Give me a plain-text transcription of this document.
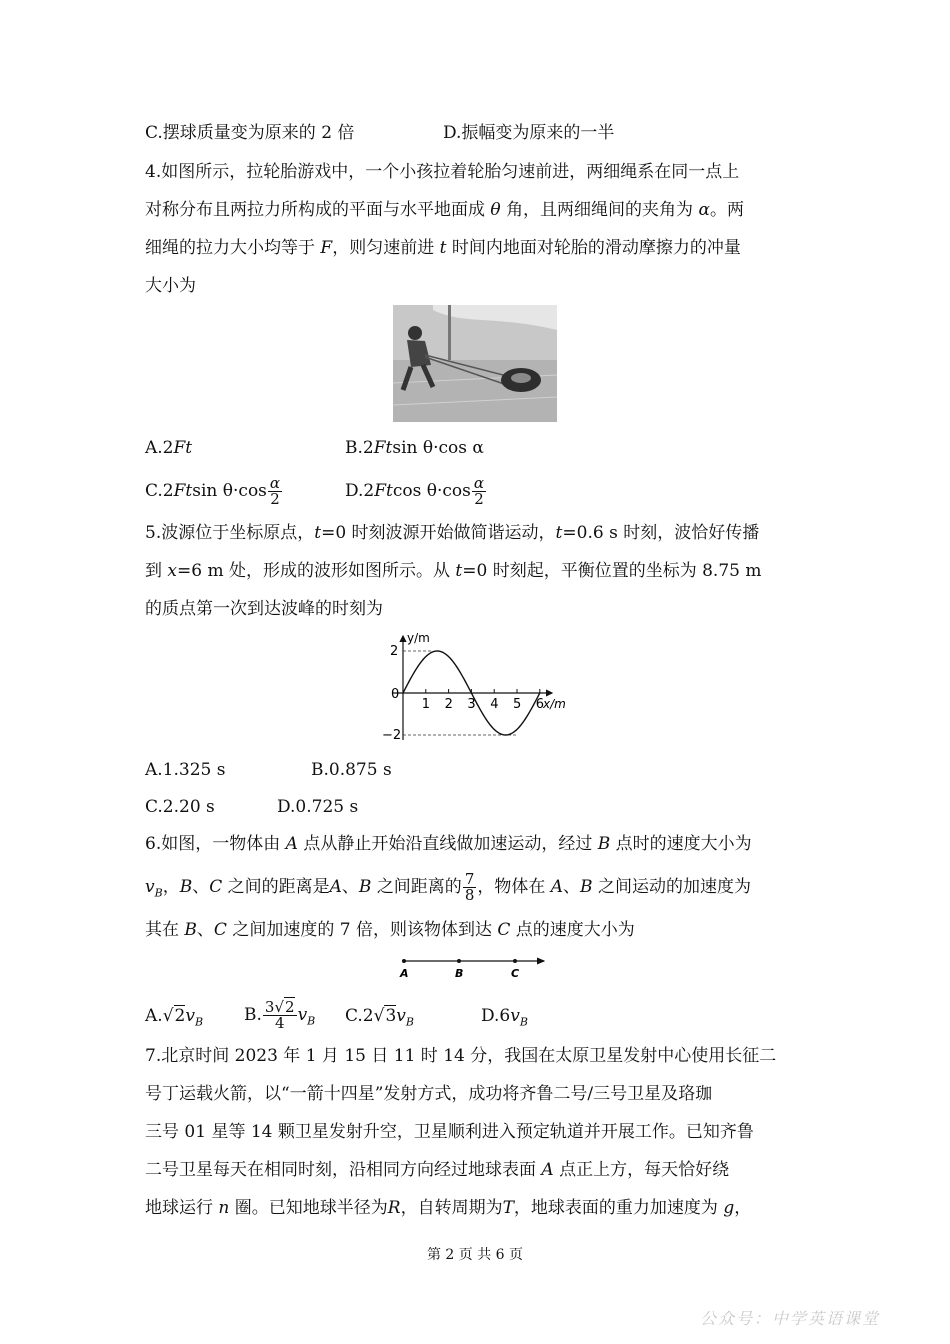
C.摆球质量变为原来的 2 倍	D.振幅变为原来的一半
4.如图所示，拉轮胎游戏中，一个小孩拉着轮胎匀速前进，两细绳系在同一点上
对称分布且两拉力所构成的平面与水平地面成 θ 角，且两细绳间的夹角为 α。两
细绳的拉力大小均等于 F，则匀速前进 t 时间内地面对轮胎的滑动摩擦力的冲量
大小为
A.2Ft	B.2Ftsin θ·cos α
C.2Ftsin $\theta\cdot\cos \frac{\alpha}{2}$	D.2Ftcos $\theta\cdot\cos \frac{\alpha}{2}$
5.波源位于坐标原点，t=0 时刻波源开始做简谐运动，t=0.6 s 时刻，波恰好传播
到 x=6 m 处，形成的波形如图所示。从 t=0 时刻起，平衡位置的坐标为 8.75 m
的质点第一次到达波峰的时刻为
y/m
x/m
2
−2
0
1 2 3 4 5 6
A.1.325 s	B.0.875 s
C.2.20 s	D.0.725 s
6.如图，一物体由 A 点从静止开始沿直线做加速运动，经过 B 点时的速度大小为
$v_B$，B、C 之间的距离是A、B 之间距离的 $\frac{7}{8}$ ，物体在 A、B 之间运动的加速度为
其在 B、C 之间加速度的 7 倍，则该物体到达 C 点的速度大小为
A	B	C
$A.√2v_B$ B. $\frac{3√2}{4} v_B$ $C.2√3v_B$	$D.6v_B$
7.北京时间 2023 年 1 月 15 日 11 时 14 分，我国在太原卫星发射中心使用长征二
号丁运载火箭，以“一箭十四星”发射方式，成功将齐鲁二号/三号卫星及珞珈
三号 01 星等 14 颗卫星发射升空，卫星顺利进入预定轨道并开展工作。已知齐鲁
二号卫星每天在相同时刻，沿相同方向经过地球表面 A 点正上方，每天恰好绕
地球运行 n 圈。已知地球半径为R，自转周期为T，地球表面的重力加速度为 g，
第 2 页 共 6 页
公众号：中学英语课堂
